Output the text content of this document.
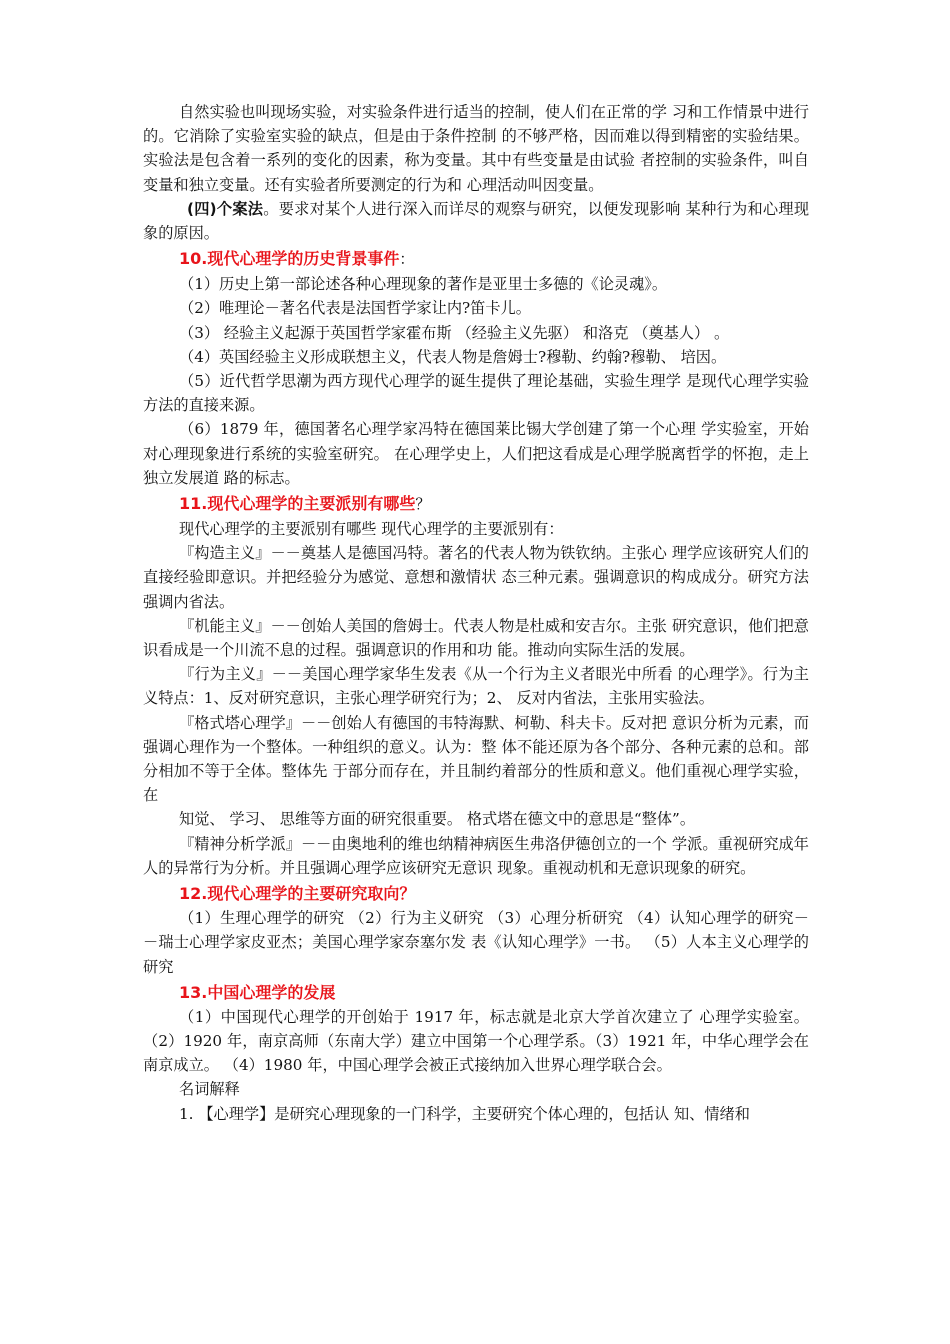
自然实验也叫现场实验，对实验条件进行适当的控制，使人们在正常的学 习和工作情景中进行的。它消除了实验室实验的缺点，但是由于条件控制 的不够严格，因而难以得到精密的实验结果。 实验法是包含着一系列的变化的因素，称为变量。其中有些变量是由试验 者控制的实验条件，叫自变量和独立变量。还有实验者所要测定的行为和 心理活动叫因变量。

(四)个案法。要求对某个人进行深入而详尽的观察与研究，以便发现影响 某种行为和心理现象的原因。

10.现代心理学的历史背景事件：

（1）历史上第一部论述各种心理现象的著作是亚里士多德的《论灵魂》。

（2）唯理论－著名代表是法国哲学家让内?笛卡儿。

（3） 经验主义起源于英国哲学家霍布斯 （经验主义先驱） 和洛克 （奠基人） 。

（4）英国经验主义形成联想主义，代表人物是詹姆士?穆勒、约翰?穆勒、 培因。

（5）近代哲学思潮为西方现代心理学的诞生提供了理论基础，实验生理学 是现代心理学实验方法的直接来源。

（6）1879 年，德国著名心理学家冯特在德国莱比锡大学创建了第一个心理 学实验室，开始对心理现象进行系统的实验室研究。 在心理学史上，人们把这看成是心理学脱离哲学的怀抱，走上独立发展道 路的标志。

11.现代心理学的主要派别有哪些？

现代心理学的主要派别有哪些 现代心理学的主要派别有：

『构造主义』－－奠基人是德国冯特。著名的代表人物为铁钦纳。主张心 理学应该研究人们的直接经验即意识。并把经验分为感觉、意想和激情状 态三种元素。强调意识的构成成分。研究方法强调内省法。

『机能主义』－－创始人美国的詹姆士。代表人物是杜威和安吉尔。主张 研究意识，他们把意识看成是一个川流不息的过程。强调意识的作用和功 能。推动向实际生活的发展。

『行为主义』－－美国心理学家华生发表《从一个行为主义者眼光中所看 的心理学》。行为主义特点：1、反对研究意识，主张心理学研究行为；2、 反对内省法，主张用实验法。

『格式塔心理学』－－创始人有德国的韦特海默、柯勒、科夫卡。反对把 意识分析为元素，而强调心理作为一个整体。一种组织的意义。认为：整 体不能还原为各个部分、各种元素的总和。部分相加不等于全体。整体先 于部分而存在，并且制约着部分的性质和意义。他们重视心理学实验，在

知觉、 学习、 思维等方面的研究很重要。 格式塔在德文中的意思是“整体”。

『精神分析学派』－－由奥地利的维也纳精神病医生弗洛伊德创立的一个 学派。重视研究成年人的异常行为分析。并且强调心理学应该研究无意识 现象。重视动机和无意识现象的研究。

12.现代心理学的主要研究取向？

（1）生理心理学的研究 （2）行为主义研究 （3）心理分析研究 （4）认知心理学的研究－－瑞士心理学家皮亚杰；美国心理学家奈塞尔发 表《认知心理学》一书。 （5）人本主义心理学的研究

13.中国心理学的发展

（1）中国现代心理学的开创始于 1917 年，标志就是北京大学首次建立了 心理学实验室。 （2）1920 年，南京高师（东南大学）建立中国第一个心理学系。（3）1921 年，中华心理学会在南京成立。 （4）1980 年，中国心理学会被正式接纳加入世界心理学联合会。

名词解释

1. 【心理学】是研究心理现象的一门科学，主要研究个体心理的，包括认 知、情绪和
